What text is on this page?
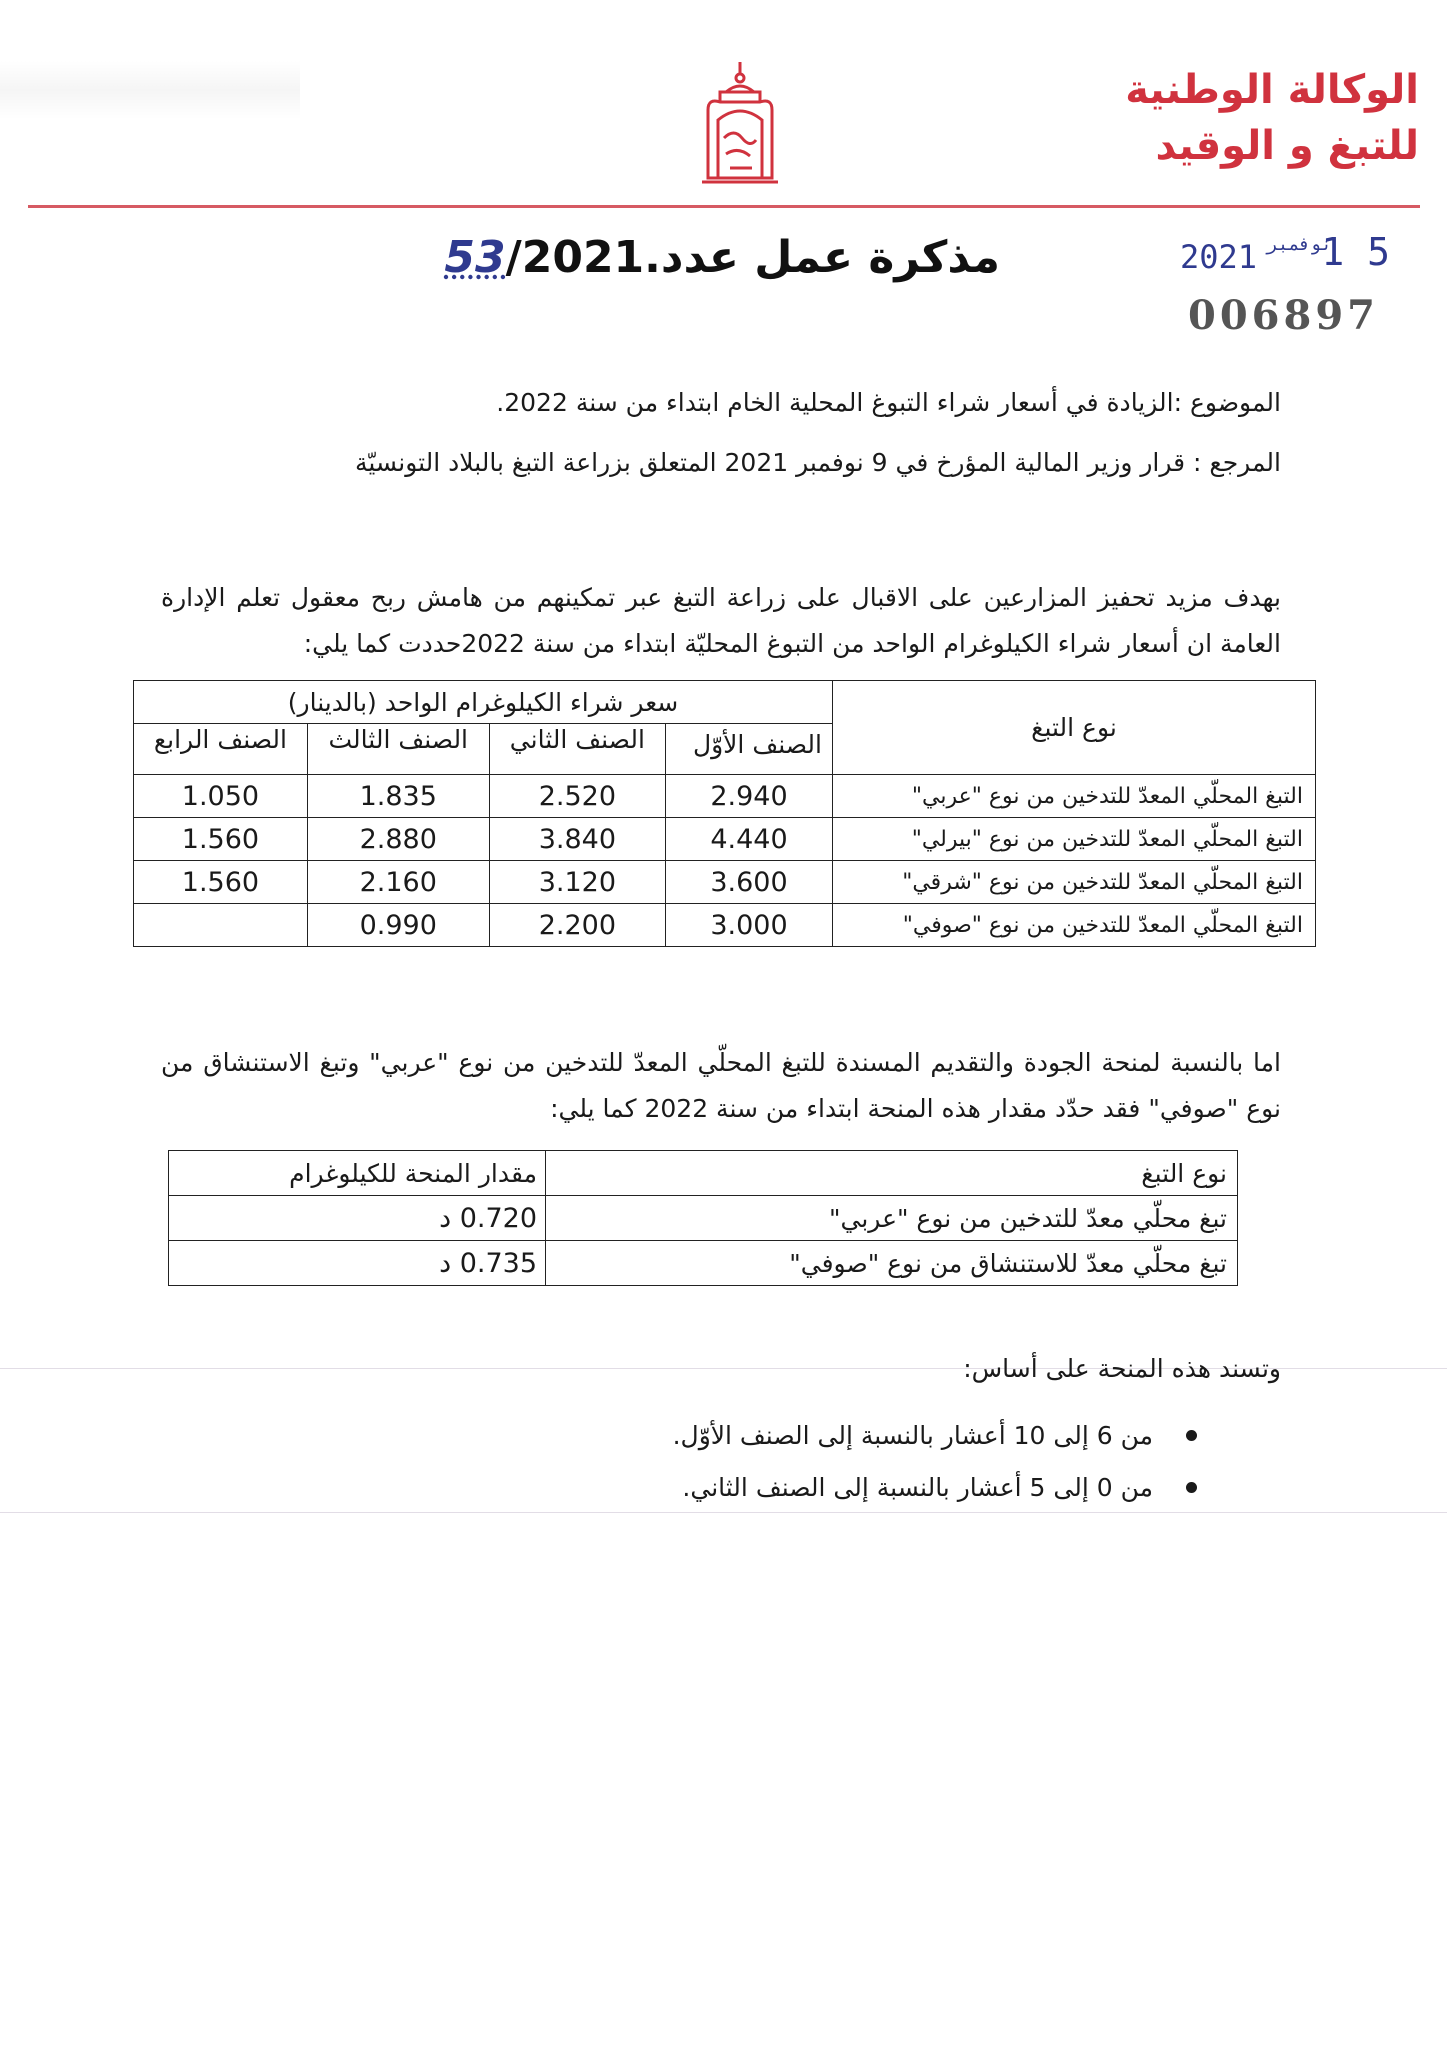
الوكالة الوطنية
للتبغ و الوقيد
مذكرة عمل عدد.53/2021	1 5
نوفمبر
2021
006897
الموضوع :الزيادة في أسعار شراء التبوغ المحلية الخام ابتداء من سنة 2022.
المرجع : قرار وزير المالية المؤرخ في 9 نوفمبر 2021 المتعلق بزراعة التبغ بالبلاد التونسيّة
بهدف مزيد تحفيز المزارعين على الاقبال على زراعة التبغ عبر تمكينهم من هامش ربح معقول تعلم الإدارة العامة ان أسعار شراء الكيلوغرام الواحد من التبوغ المحليّة ابتداء من سنة 2022حددت كما يلي:
نوع التبغ	سعر شراء الكيلوغرام الواحد (بالدينار)			
	الصنف الأوّل	الصنف الثاني	الصنف الثالث	الصنف الرابع
التبغ المحلّي المعدّ للتدخين من نوع "عربي"	2.940	2.520	1.835	1.050
التبغ المحلّي المعدّ للتدخين من نوع "بيرلي"	4.440	3.840	2.880	1.560
التبغ المحلّي المعدّ للتدخين من نوع "شرقي"	3.600	3.120	2.160	1.560
التبغ المحلّي المعدّ للتدخين من نوع "صوفي"	3.000	2.200	0.990	
اما بالنسبة لمنحة الجودة والتقديم المسندة للتبغ المحلّي المعدّ للتدخين من نوع "عربي" وتبغ الاستنشاق من نوع "صوفي" فقد حدّد مقدار هذه المنحة ابتداء من سنة 2022 كما يلي:
نوع التبغ	مقدار المنحة للكيلوغرام
تبغ محلّي معدّ للتدخين من نوع "عربي"	0.720 د
تبغ محلّي معدّ للاستنشاق من نوع "صوفي"	0.735 د
وتسند هذه المنحة على أساس:
من 6 إلى 10 أعشار بالنسبة إلى الصنف الأوّل.
من 0 إلى 5 أعشار بالنسبة إلى الصنف الثاني.
